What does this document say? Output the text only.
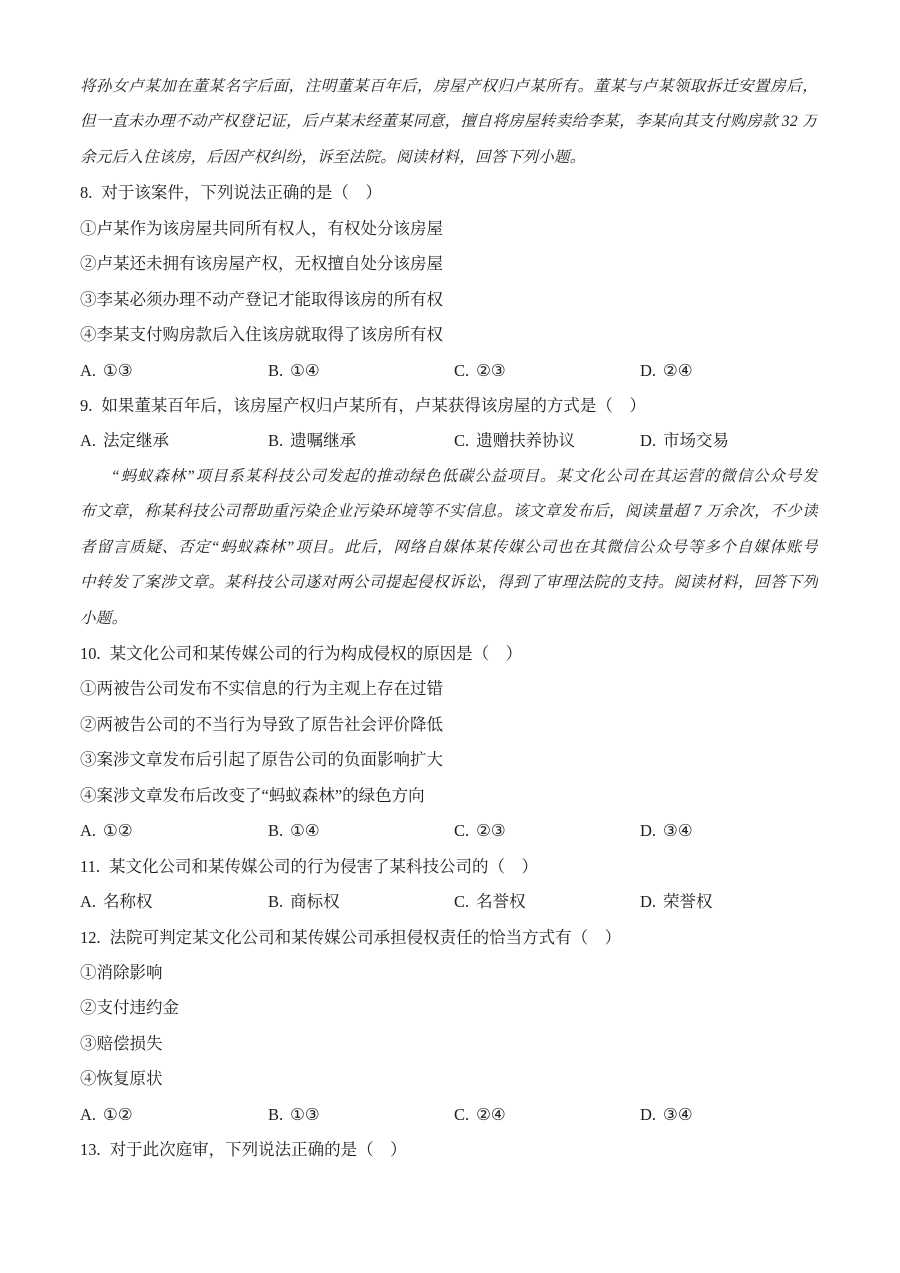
将孙女卢某加在董某名字后面，注明董某百年后，房屋产权归卢某所有。董某与卢某领取拆迁安置房后，
但一直未办理不动产权登记证，后卢某未经董某同意，擅自将房屋转卖给李某，李某向其支付购房款 32 万
余元后入住该房，后因产权纠纷，诉至法院。阅读材料，回答下列小题。
8. 对于该案件，下列说法正确的是（　）
①卢某作为该房屋共同所有权人，有权处分该房屋
②卢某还未拥有该房屋产权，无权擅自处分该房屋
③李某必须办理不动产登记才能取得该房的所有权
④李某支付购房款后入住该房就取得了该房所有权
A. ①③	B. ①④	C. ②③	D. ②④
9. 如果董某百年后，该房屋产权归卢某所有，卢某获得该房屋的方式是（　）
A. 法定继承	B. 遗嘱继承	C. 遗赠扶养协议	D. 市场交易
“蚂蚁森林”项目系某科技公司发起的推动绿色低碳公益项目。某文化公司在其运营的微信公众号发
布文章，称某科技公司帮助重污染企业污染环境等不实信息。该文章发布后，阅读量超 7 万余次，不少读
者留言质疑、否定“蚂蚁森林”项目。此后，网络自媒体某传媒公司也在其微信公众号等多个自媒体账号
中转发了案涉文章。某科技公司遂对两公司提起侵权诉讼，得到了审理法院的支持。阅读材料，回答下列
小题。
10. 某文化公司和某传媒公司的行为构成侵权的原因是（　）
①两被告公司发布不实信息的行为主观上存在过错
②两被告公司的不当行为导致了原告社会评价降低
③案涉文章发布后引起了原告公司的负面影响扩大
④案涉文章发布后改变了“蚂蚁森林”的绿色方向
A. ①②	B. ①④	C. ②③	D. ③④
11. 某文化公司和某传媒公司的行为侵害了某科技公司的（　）
A. 名称权	B. 商标权	C. 名誉权	D. 荣誉权
12. 法院可判定某文化公司和某传媒公司承担侵权责任的恰当方式有（　）
①消除影响
②支付违约金
③赔偿损失
④恢复原状
A. ①②	B. ①③	C. ②④	D. ③④
13. 对于此次庭审，下列说法正确的是（　）
